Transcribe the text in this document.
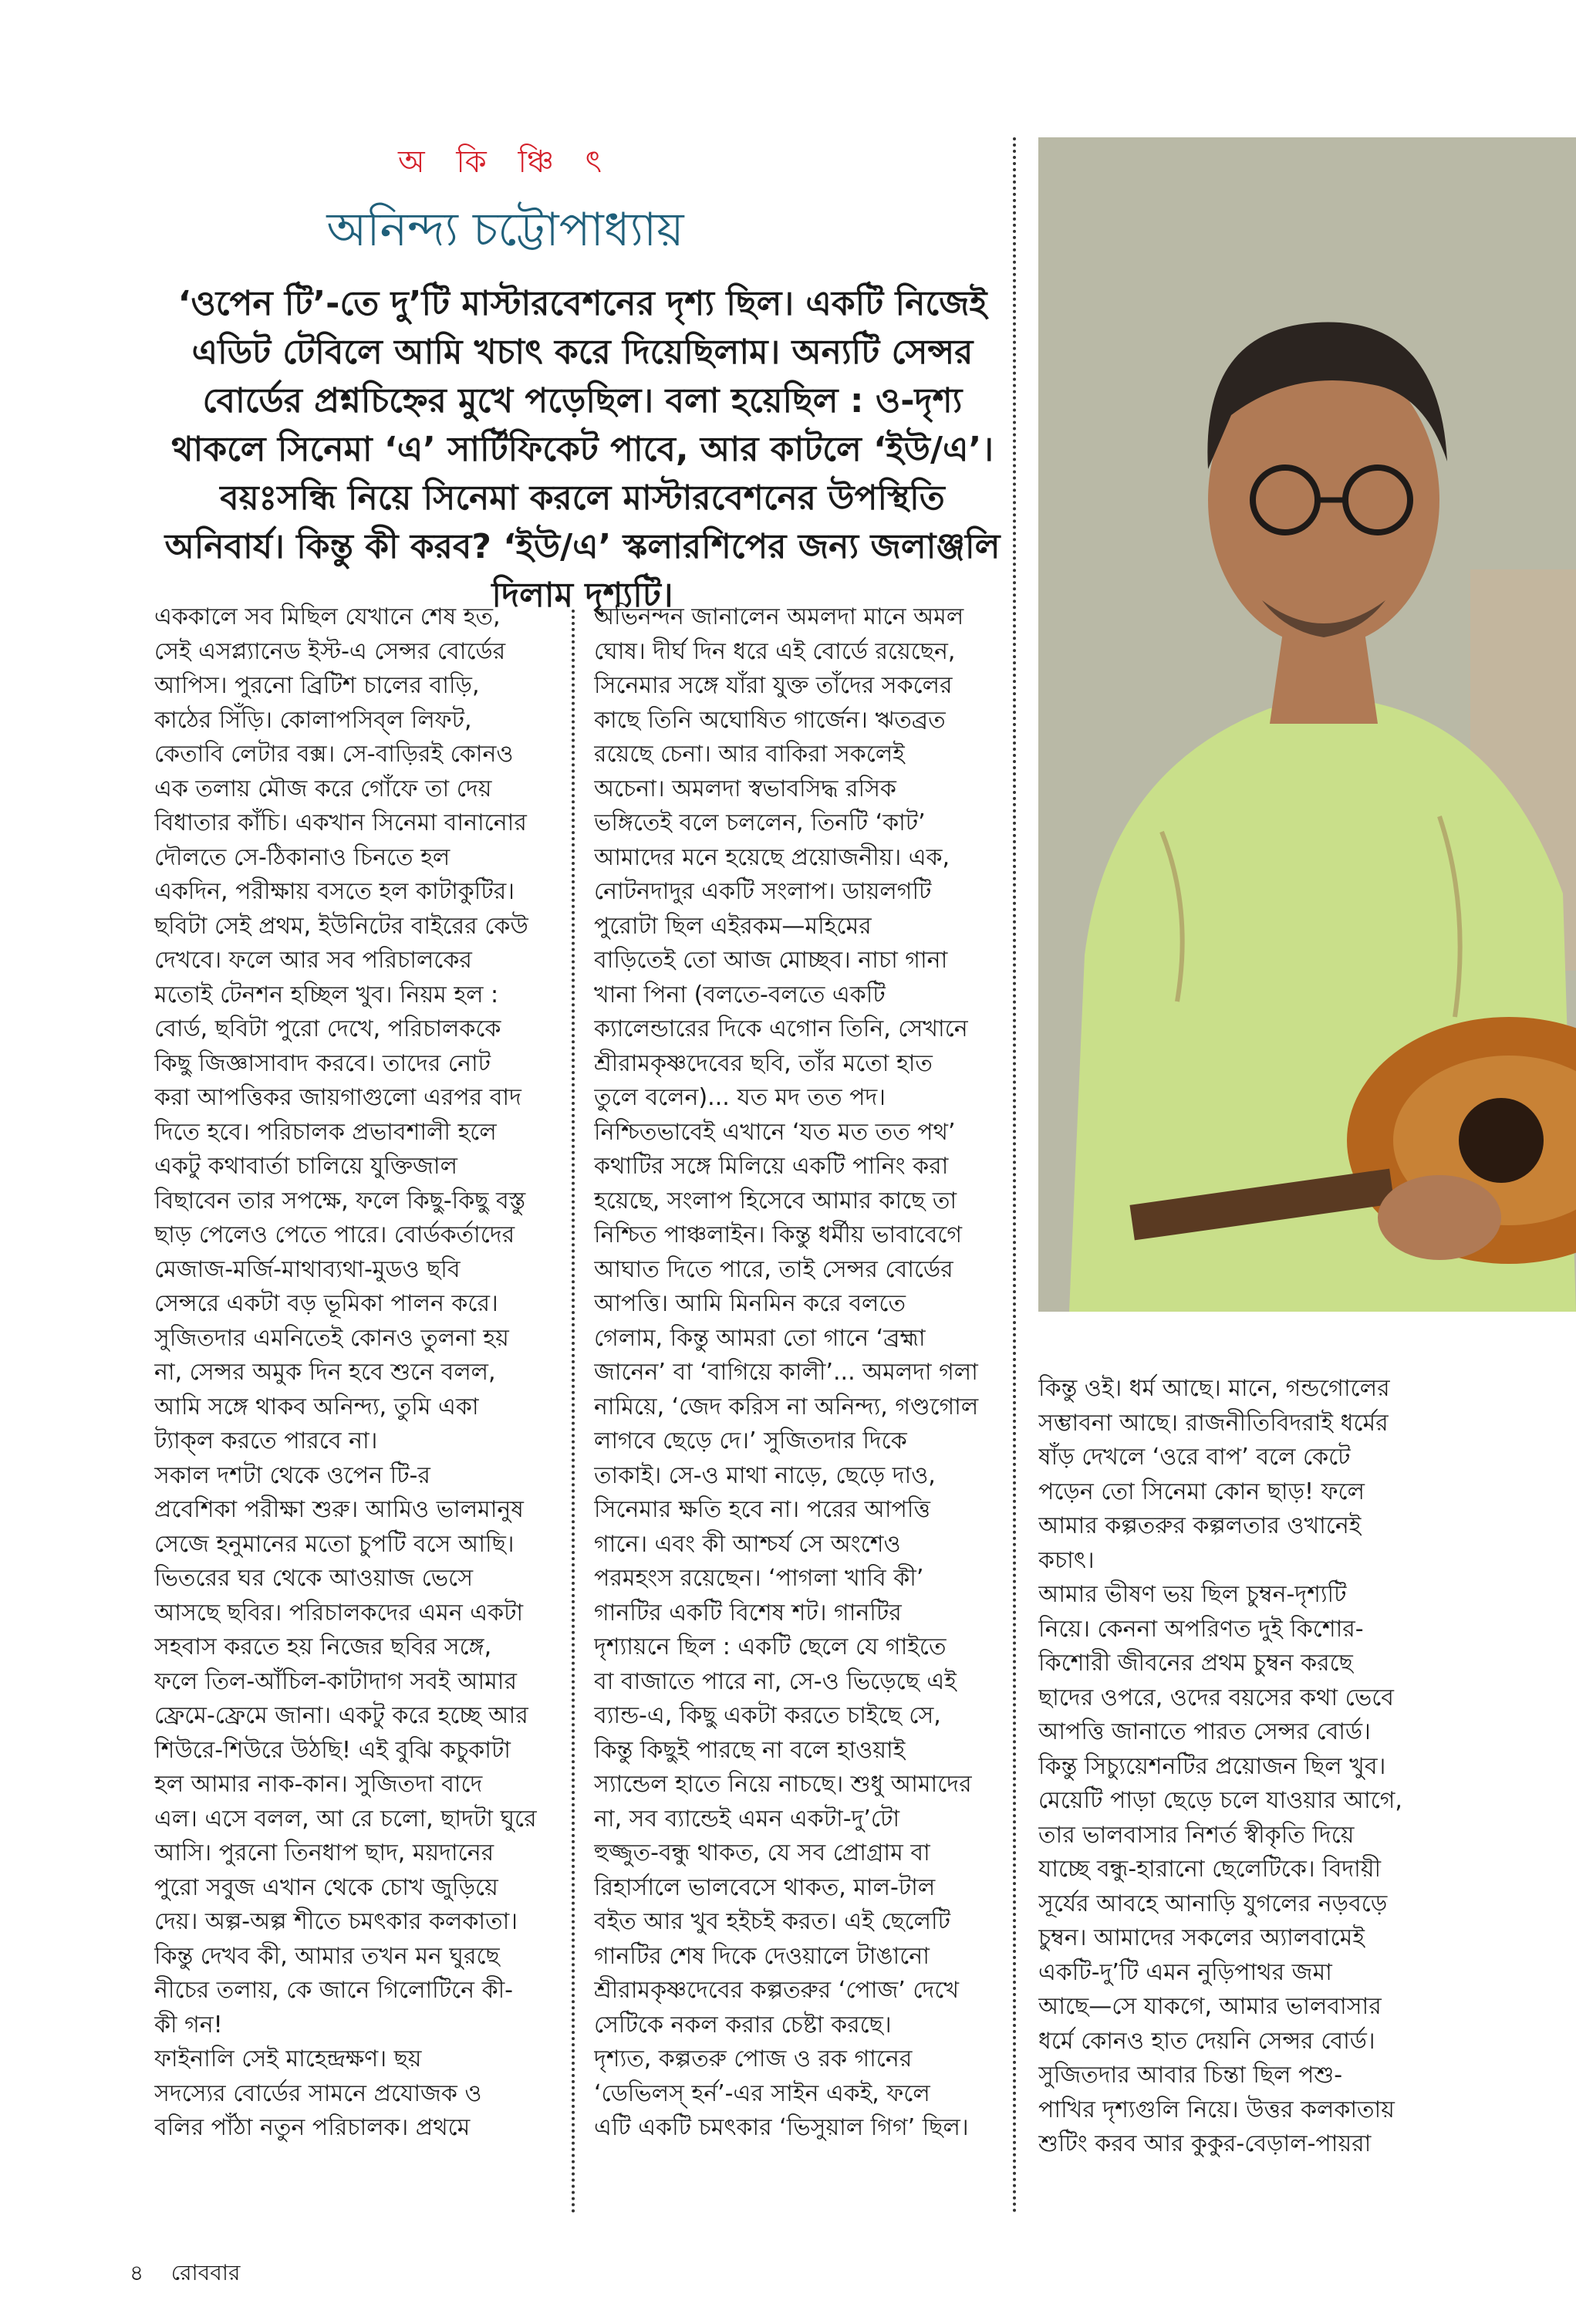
অ কি ঞ্চি ৎ
অনিন্দ্য চট্টোপাধ্যায়
‘ওপেন টি’-তে দু’টি মাস্টারবেশনের দৃশ্য ছিল। একটি নিজেই এডিট টেবিলে আমি খচাৎ করে দিয়েছিলাম। অন্যটি সেন্সর বোর্ডের প্রশ্নচিহ্নের মুখে পড়েছিল। বলা হয়েছিল : ও-দৃশ্য থাকলে সিনেমা ‘এ’ সার্টিফিকেট পাবে, আর কাটলে ‘ইউ/এ’। বয়ঃসন্ধি নিয়ে সিনেমা করলে মাস্টারবেশনের উপস্থিতি অনিবার্য। কিন্তু কী করব? ‘ইউ/এ’ স্কলারশিপের জন্য জলাঞ্জলি দিলাম দৃশ্যটি।
এককালে সব মিছিল যেখানে শেষ হত,
সেই এসপ্ল্যানেড ইস্ট-এ সেন্সর বোর্ডের
আপিস। পুরনো ব্রিটিশ চালের বাড়ি,
কাঠের সিঁড়ি। কোলাপসিব্‌ল লিফট,
কেতাবি লেটার বক্স। সে-বাড়িরই কোনও
এক তলায় মৌজ করে গোঁফে তা দেয়
বিধাতার কাঁচি। একখান সিনেমা বানানোর
দৌলতে সে-ঠিকানাও চিনতে হল
একদিন, পরীক্ষায় বসতে হল কাটাকুটির।
ছবিটা সেই প্রথম, ইউনিটের বাইরের কেউ
দেখবে। ফলে আর সব পরিচালকের
মতোই টেনশন হচ্ছিল খুব। নিয়ম হল :
বোর্ড, ছবিটা পুরো দেখে, পরিচালককে
কিছু জিজ্ঞাসাবাদ করবে। তাদের নোট
করা আপত্তিকর জায়গাগুলো এরপর বাদ
দিতে হবে। পরিচালক প্রভাবশালী হলে
একটু কথাবার্তা চালিয়ে যুক্তিজাল
বিছাবেন তার সপক্ষে, ফলে কিছু-কিছু বস্তু
ছাড় পেলেও পেতে পারে। বোর্ডকর্তাদের
মেজাজ-মর্জি-মাথাব্যথা-মুডও ছবি
সেন্সরে একটা বড় ভূমিকা পালন করে।
সুজিতদার এমনিতেই কোনও তুলনা হয়
না, সেন্সর অমুক দিন হবে শুনে বলল,
আমি সঙ্গে থাকব অনিন্দ্য, তুমি একা
ট্যাক্‌ল করতে পারবে না।
সকাল দশটা থেকে ওপেন টি-র
প্রবেশিকা পরীক্ষা শুরু। আমিও ভালমানুষ
সেজে হনুমানের মতো চুপটি বসে আছি।
ভিতরের ঘর থেকে আওয়াজ ভেসে
আসছে ছবির। পরিচালকদের এমন একটা
সহবাস করতে হয় নিজের ছবির সঙ্গে,
ফলে তিল-আঁচিল-কাটাদাগ সবই আমার
ফ্রেমে-ফ্রেমে জানা। একটু করে হচ্ছে আর
শিউরে-শিউরে উঠছি! এই বুঝি কচুকাটা
হল আমার নাক-কান। সুজিতদা বাদে
এল। এসে বলল, আ রে চলো, ছাদটা ঘুরে
আসি। পুরনো তিনধাপ ছাদ, ময়দানের
পুরো সবুজ এখান থেকে চোখ জুড়িয়ে
দেয়। অল্প-অল্প শীতে চমৎকার কলকাতা।
কিন্তু দেখব কী, আমার তখন মন ঘুরছে
নীচের তলায়, কে জানে গিলোটিনে কী-
কী গন!
ফাইনালি সেই মাহেন্দ্রক্ষণ। ছয়
সদস্যের বোর্ডের সামনে প্রযোজক ও
বলির পাঁঠা নতুন পরিচালক। প্রথমে
অভিনন্দন জানালেন অমলদা মানে অমল
ঘোষ। দীর্ঘ দিন ধরে এই বোর্ডে রয়েছেন,
সিনেমার সঙ্গে যাঁরা যুক্ত তাঁদের সকলের
কাছে তিনি অঘোষিত গার্জেন। ঋতব্রত
রয়েছে চেনা। আর বাকিরা সকলেই
অচেনা। অমলদা স্বভাবসিদ্ধ রসিক
ভঙ্গিতেই বলে চললেন, তিনটি ‘কাট’
আমাদের মনে হয়েছে প্রয়োজনীয়। এক,
নোটনদাদুর একটি সংলাপ। ডায়লগটি
পুরোটা ছিল এইরকম—মহিমের
বাড়িতেই তো আজ মোচ্ছব। নাচা গানা
খানা পিনা (বলতে-বলতে একটি
ক্যালেন্ডারের দিকে এগোন তিনি, সেখানে
শ্রীরামকৃষ্ণদেবের ছবি, তাঁর মতো হাত
তুলে বলেন)... যত মদ তত পদ।
নিশ্চিতভাবেই এখানে ‘যত মত তত পথ’
কথাটির সঙ্গে মিলিয়ে একটি পানিং করা
হয়েছে, সংলাপ হিসেবে আমার কাছে তা
নিশ্চিত পাঞ্চলাইন। কিন্তু ধর্মীয় ভাবাবেগে
আঘাত দিতে পারে, তাই সেন্সর বোর্ডের
আপত্তি। আমি মিনমিন করে বলতে
গেলাম, কিন্তু আমরা তো গানে ‘ব্রহ্মা
জানেন’ বা ‘বাগিয়ে কালী’... অমলদা গলা
নামিয়ে, ‘জেদ করিস না অনিন্দ্য, গণ্ডগোল
লাগবে ছেড়ে দে।’ সুজিতদার দিকে
তাকাই। সে-ও মাথা নাড়ে, ছেড়ে দাও,
সিনেমার ক্ষতি হবে না। পরের আপত্তি
গানে। এবং কী আশ্চর্য সে অংশেও
পরমহংস রয়েছেন। ‘পাগলা খাবি কী’
গানটির একটি বিশেষ শট। গানটির
দৃশ্যায়নে ছিল : একটি ছেলে যে গাইতে
বা বাজাতে পারে না, সে-ও ভিড়েছে এই
ব্যান্ড-এ, কিছু একটা করতে চাইছে সে,
কিন্তু কিছুই পারছে না বলে হাওয়াই
স্যান্ডেল হাতে নিয়ে নাচছে। শুধু আমাদের
না, সব ব্যান্ডেই এমন একটা-দু’টো
হুজ্জুত-বন্ধু থাকত, যে সব প্রোগ্রাম বা
রিহার্সালে ভালবেসে থাকত, মাল-টাল
বইত আর খুব হইচই করত। এই ছেলেটি
গানটির শেষ দিকে দেওয়ালে টাঙানো
শ্রীরামকৃষ্ণদেবের কল্পতরুর ‘পোজ’ দেখে
সেটিকে নকল করার চেষ্টা করছে।
দৃশ্যত, কল্পতরু পোজ ও রক গানের
‘ডেভিলস্‌ হর্ন’-এর সাইন একই, ফলে
এটি একটি চমৎকার ‘ভিসুয়াল গিগ’ ছিল।
কিন্তু ওই। ধর্ম আছে। মানে, গন্ডগোলের
সম্ভাবনা আছে। রাজনীতিবিদরাই ধর্মের
ষাঁড় দেখলে ‘ওরে বাপ’ বলে কেটে
পড়েন তো সিনেমা কোন ছাড়! ফলে
আমার কল্পতরুর কল্পলতার ওখানেই
কচাৎ।
আমার ভীষণ ভয় ছিল চুম্বন-দৃশ্যটি
নিয়ে। কেননা অপরিণত দুই কিশোর-
কিশোরী জীবনের প্রথম চুম্বন করছে
ছাদের ওপরে, ওদের বয়সের কথা ভেবে
আপত্তি জানাতে পারত সেন্সর বোর্ড।
কিন্তু সিচ্যুয়েশনটির প্রয়োজন ছিল খুব।
মেয়েটি পাড়া ছেড়ে চলে যাওয়ার আগে,
তার ভালবাসার নিশর্ত স্বীকৃতি দিয়ে
যাচ্ছে বন্ধু-হারানো ছেলেটিকে। বিদায়ী
সূর্যের আবহে আনাড়ি যুগলের নড়বড়ে
চুম্বন। আমাদের সকলের অ্যালবামেই
একটি-দু’টি এমন নুড়িপাথর জমা
আছে—সে যাকগে, আমার ভালবাসার
ধর্মে কোনও হাত দেয়নি সেন্সর বোর্ড।
সুজিতদার আবার চিন্তা ছিল পশু-
পাখির দৃশ্যগুলি নিয়ে। উত্তর কলকাতায়
শুটিং করব আর কুকুর-বেড়াল-পায়রা
৪ রোববার
